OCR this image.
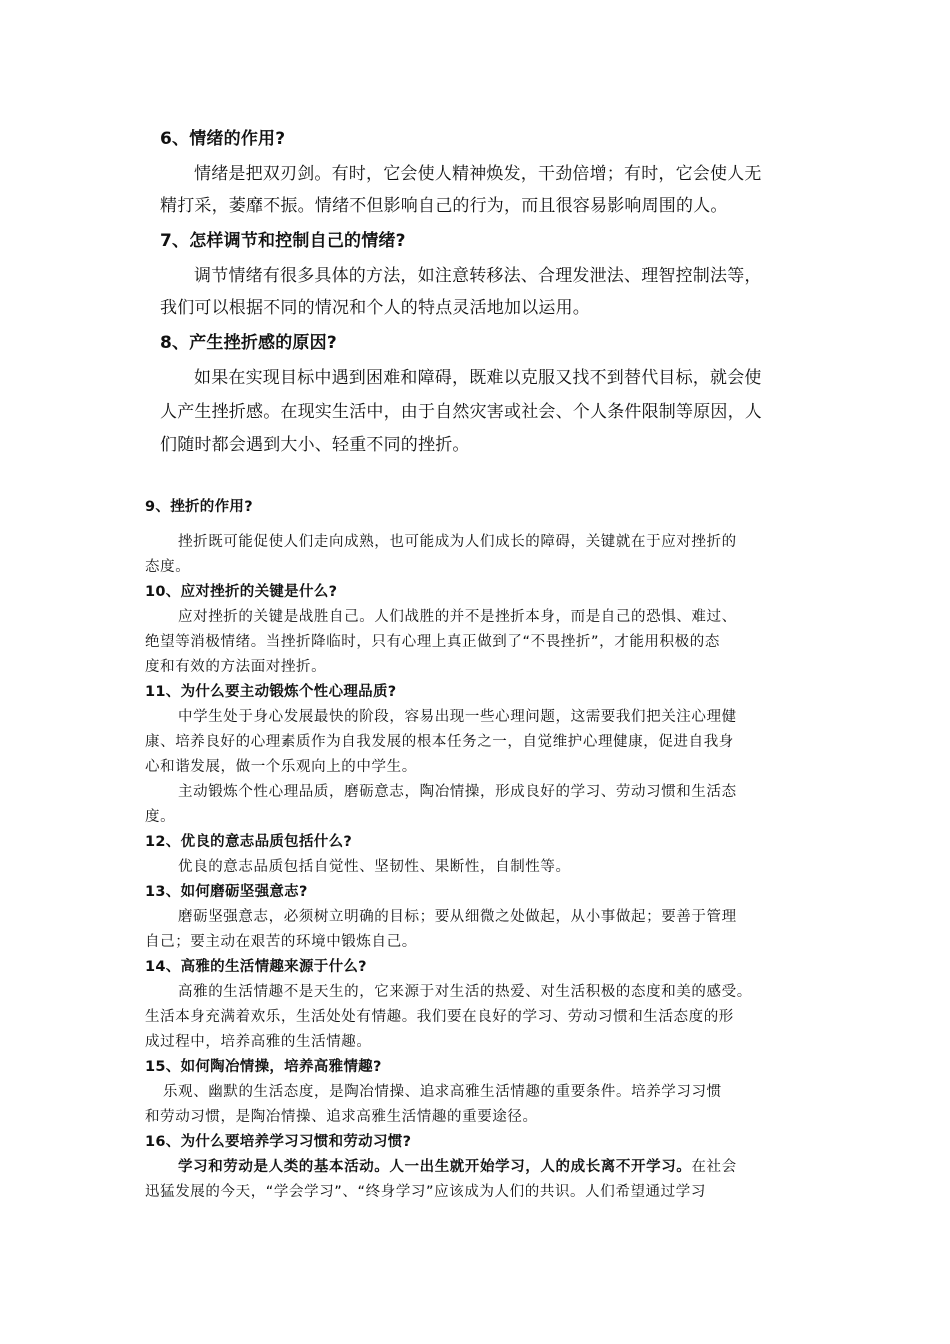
6、情绪的作用?
情绪是把双刃剑。有时，它会使人精神焕发，干劲倍增；有时，它会使人无
精打采，萎靡不振。情绪不但影响自己的行为，而且很容易影响周围的人。
7、怎样调节和控制自己的情绪?
调节情绪有很多具体的方法，如注意转移法、合理发泄法、理智控制法等，
我们可以根据不同的情况和个人的特点灵活地加以运用。
8、产生挫折感的原因?
如果在实现目标中遇到困难和障碍，既难以克服又找不到替代目标，就会使
人产生挫折感。在现实生活中，由于自然灾害或社会、个人条件限制等原因，人
们随时都会遇到大小、轻重不同的挫折。
9、挫折的作用?
挫折既可能促使人们走向成熟，也可能成为人们成长的障碍，关键就在于应对挫折的
态度。
10、应对挫折的关键是什么?
应对挫折的关键是战胜自己。人们战胜的并不是挫折本身，而是自己的恐惧、难过、
绝望等消极情绪。当挫折降临时，只有心理上真正做到了“不畏挫折”，才能用积极的态
度和有效的方法面对挫折。
11、为什么要主动锻炼个性心理品质?
中学生处于身心发展最快的阶段，容易出现一些心理问题，这需要我们把关注心理健
康、培养良好的心理素质作为自我发展的根本任务之一，自觉维护心理健康，促进自我身
心和谐发展，做一个乐观向上的中学生。
主动锻炼个性心理品质，磨砺意志，陶冶情操，形成良好的学习、劳动习惯和生活态
度。
12、优良的意志品质包括什么?
优良的意志品质包括自觉性、坚韧性、果断性，自制性等。
13、如何磨砺坚强意志?
磨砺坚强意志，必须树立明确的目标；要从细微之处做起，从小事做起；要善于管理
自己；要主动在艰苦的环境中锻炼自己。
14、高雅的生活情趣来源于什么?
高雅的生活情趣不是天生的，它来源于对生活的热爱、对生活积极的态度和美的感受。
生活本身充满着欢乐，生活处处有情趣。我们要在良好的学习、劳动习惯和生活态度的形
成过程中，培养高雅的生活情趣。
15、如何陶冶情操，培养高雅情趣?
乐观、幽默的生活态度，是陶冶情操、追求高雅生活情趣的重要条件。培养学习习惯
和劳动习惯，是陶冶情操、追求高雅生活情趣的重要途径。
16、为什么要培养学习习惯和劳动习惯?
学习和劳动是人类的基本活动。人一出生就开始学习，人的成长离不开学习。在社会
迅猛发展的今天，“学会学习”、“终身学习”应该成为人们的共识。人们希望通过学习
